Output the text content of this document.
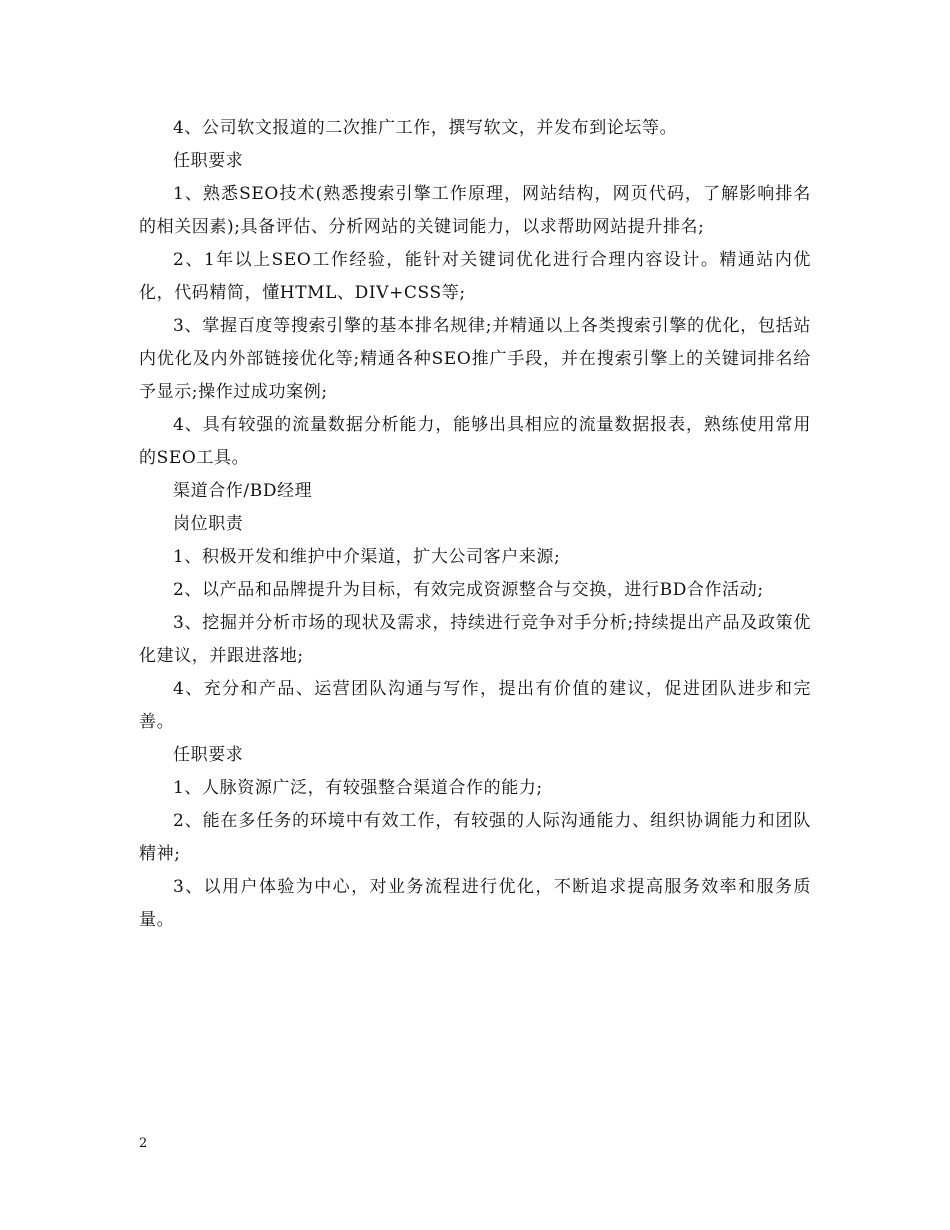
4、公司软文报道的二次推广工作，撰写软文，并发布到论坛等。

任职要求

1、熟悉SEO技术(熟悉搜索引擎工作原理，网站结构，网页代码，了解影响排名的相关因素);具备评估、分析网站的关键词能力，以求帮助网站提升排名;

2、1年以上SEO工作经验，能针对关键词优化进行合理内容设计。精通站内优化，代码精简，懂HTML、DIV+CSS等;

3、掌握百度等搜索引擎的基本排名规律;并精通以上各类搜索引擎的优化，包括站内优化及内外部链接优化等;精通各种SEO推广手段，并在搜索引擎上的关键词排名给予显示;操作过成功案例;

4、具有较强的流量数据分析能力，能够出具相应的流量数据报表，熟练使用常用的SEO工具。

渠道合作/BD经理

岗位职责

1、积极开发和维护中介渠道，扩大公司客户来源;

2、以产品和品牌提升为目标，有效完成资源整合与交换，进行BD合作活动;

3、挖掘并分析市场的现状及需求，持续进行竞争对手分析;持续提出产品及政策优化建议，并跟进落地;

4、充分和产品、运营团队沟通与写作，提出有价值的建议，促进团队进步和完善。

任职要求

1、人脉资源广泛，有较强整合渠道合作的能力;

2、能在多任务的环境中有效工作，有较强的人际沟通能力、组织协调能力和团队精神;

3、以用户体验为中心，对业务流程进行优化，不断追求提高服务效率和服务质量。

2
